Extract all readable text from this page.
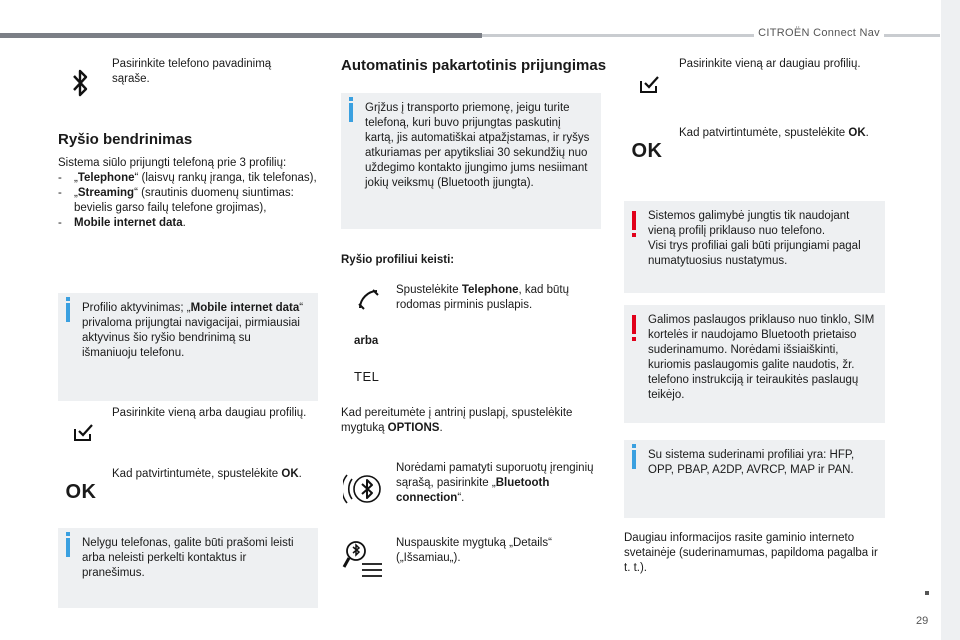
CITROËN Connect Nav
29
Pasirinkite telefono pavadinimą sąraše.
Ryšio bendrinimas
Sistema siūlo prijungti telefoną prie 3 profilių:
-	„Telephone“ (laisvų rankų įranga, tik telefonas),
-	„Streaming“ (srautinis duomenų siuntimas:
bevielis garso failų telefone grojimas),
-	Mobile internet data.
Profilio aktyvinimas; „Mobile internet data“ privaloma prijungtai navigacijai, pirmiausiai aktyvinus šio ryšio bendrinimą su išmaniuoju telefonu.
Pasirinkite vieną arba daugiau profilių.
OK
Kad patvirtintumėte, spustelėkite OK.
Nelygu telefonas, galite būti prašomi leisti arba neleisti perkelti kontaktus ir pranešimus.
Automatinis pakartotinis prijungimas
Grįžus į transporto priemonę, jeigu turite telefoną, kuri buvo prijungtas paskutinį kartą, jis automatiškai atpažįstamas, ir ryšys atkuriamas per apytiksliai 30 sekundžių nuo uždegimo kontakto įjungimo jums nesiimant jokių veiksmų (Bluetooth įjungta).
Ryšio profiliui keisti:
Spustelėkite Telephone, kad būtų rodomas pirminis puslapis.
arba
TEL
Kad pereitumėte į antrinį puslapį, spustelėkite mygtuką OPTIONS.
Norėdami pamatyti suporuotų įrenginių sąrašą, pasirinkite „Bluetooth connection“.
Nuspauskite mygtuką „Details“ („Išsamiau„).
Pasirinkite vieną ar daugiau profilių.
OK
Kad patvirtintumėte, spustelėkite OK.
Sistemos galimybė jungtis tik naudojant vieną profilį priklauso nuo telefono.
Visi trys profiliai gali būti prijungiami pagal numatytuosius nustatymus.
Galimos paslaugos priklauso nuo tinklo, SIM kortelės ir naudojamo Bluetooth prietaiso suderinamumo. Norėdami išsiaiškinti, kuriomis paslaugomis galite naudotis, žr. telefono instrukciją ir teiraukitės paslaugų teikėjo.
Su sistema suderinami profiliai yra: HFP, OPP, PBAP, A2DP, AVRCP, MAP ir PAN.
Daugiau informacijos rasite gaminio interneto svetainėje (suderinamumas, papildoma pagalba ir t. t.).
